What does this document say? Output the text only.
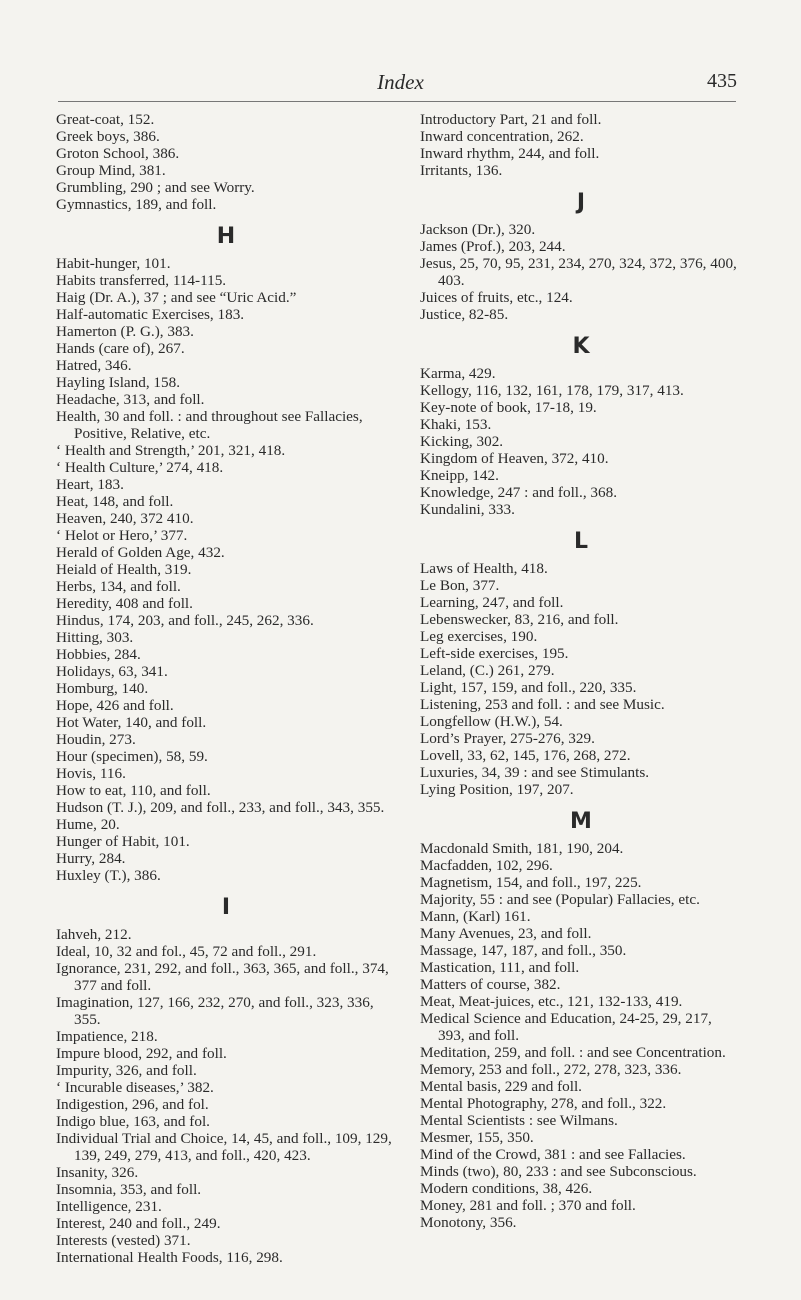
Index	435
Great-coat, 152.
Greek boys, 386.
Groton School, 386.
Group Mind, 381.
Grumbling, 290 ; and see Worry.
Gymnastics, 189, and foll.
H
Habit-hunger, 101.
Habits transferred, 114-115.
Haig (Dr. A.), 37 ; and see “Uric Acid.”
Half-automatic Exercises, 183.
Hamerton (P. G.), 383.
Hands (care of), 267.
Hatred, 346.
Hayling Island, 158.
Headache, 313, and foll.
Health, 30 and foll. : and throughout see Fallacies, Positive, Relative, etc.
‘ Health and Strength,’ 201, 321, 418.
‘ Health Culture,’ 274, 418.
Heart, 183.
Heat, 148, and foll.
Heaven, 240, 372 410.
‘ Helot or Hero,’ 377.
Herald of Golden Age, 432.
Heiald of Health, 319.
Herbs, 134, and foll.
Heredity, 408 and foll.
Hindus, 174, 203, and foll., 245, 262, 336.
Hitting, 303.
Hobbies, 284.
Holidays, 63, 341.
Homburg, 140.
Hope, 426 and foll.
Hot Water, 140, and foll.
Houdin, 273.
Hour (specimen), 58, 59.
Hovis, 116.
How to eat, 110, and foll.
Hudson (T. J.), 209, and foll., 233, and foll., 343, 355.
Hume, 20.
Hunger of Habit, 101.
Hurry, 284.
Huxley (T.), 386.
I
Iahveh, 212.
Ideal, 10, 32 and fol., 45, 72 and foll., 291.
Ignorance, 231, 292, and foll., 363, 365, and foll., 374, 377 and foll.
Imagination, 127, 166, 232, 270, and foll., 323, 336, 355.
Impatience, 218.
Impure blood, 292, and foll.
Impurity, 326, and foll.
‘ Incurable diseases,’ 382.
Indigestion, 296, and fol.
Indigo blue, 163, and fol.
Individual Trial and Choice, 14, 45, and foll., 109, 129, 139, 249, 279, 413, and foll., 420, 423.
Insanity, 326.
Insomnia, 353, and foll.
Intelligence, 231.
Interest, 240 and foll., 249.
Interests (vested) 371.
International Health Foods, 116, 298.
Introductory Part, 21 and foll.
Inward concentration, 262.
Inward rhythm, 244, and foll.
Irritants, 136.
J
Jackson (Dr.), 320.
James (Prof.), 203, 244.
Jesus, 25, 70, 95, 231, 234, 270, 324, 372, 376, 400, 403.
Juices of fruits, etc., 124.
Justice, 82-85.
K
Karma, 429.
Kellogy, 116, 132, 161, 178, 179, 317, 413.
Key-note of book, 17-18, 19.
Khaki, 153.
Kicking, 302.
Kingdom of Heaven, 372, 410.
Kneipp, 142.
Knowledge, 247 : and foll., 368.
Kundalini, 333.
L
Laws of Health, 418.
Le Bon, 377.
Learning, 247, and foll.
Lebenswecker, 83, 216, and foll.
Leg exercises, 190.
Left-side exercises, 195.
Leland, (C.) 261, 279.
Light, 157, 159, and foll., 220, 335.
Listening, 253 and foll. : and see Music.
Longfellow (H.W.), 54.
Lord’s Prayer, 275-276, 329.
Lovell, 33, 62, 145, 176, 268, 272.
Luxuries, 34, 39 : and see Stimulants.
Lying Position, 197, 207.
M
Macdonald Smith, 181, 190, 204.
Macfadden, 102, 296.
Magnetism, 154, and foll., 197, 225.
Majority, 55 : and see (Popular) Fallacies, etc.
Mann, (Karl) 161.
Many Avenues, 23, and foll.
Massage, 147, 187, and foll., 350.
Mastication, 111, and foll.
Matters of course, 382.
Meat, Meat-juices, etc., 121, 132-133, 419.
Medical Science and Education, 24-25, 29, 217, 393, and foll.
Meditation, 259, and foll. : and see Concentration.
Memory, 253 and foll., 272, 278, 323, 336.
Mental basis, 229 and foll.
Mental Photography, 278, and foll., 322.
Mental Scientists : see Wilmans.
Mesmer, 155, 350.
Mind of the Crowd, 381 : and see Fallacies.
Minds (two), 80, 233 : and see Subconscious.
Modern conditions, 38, 426.
Money, 281 and foll. ; 370 and foll.
Monotony, 356.
